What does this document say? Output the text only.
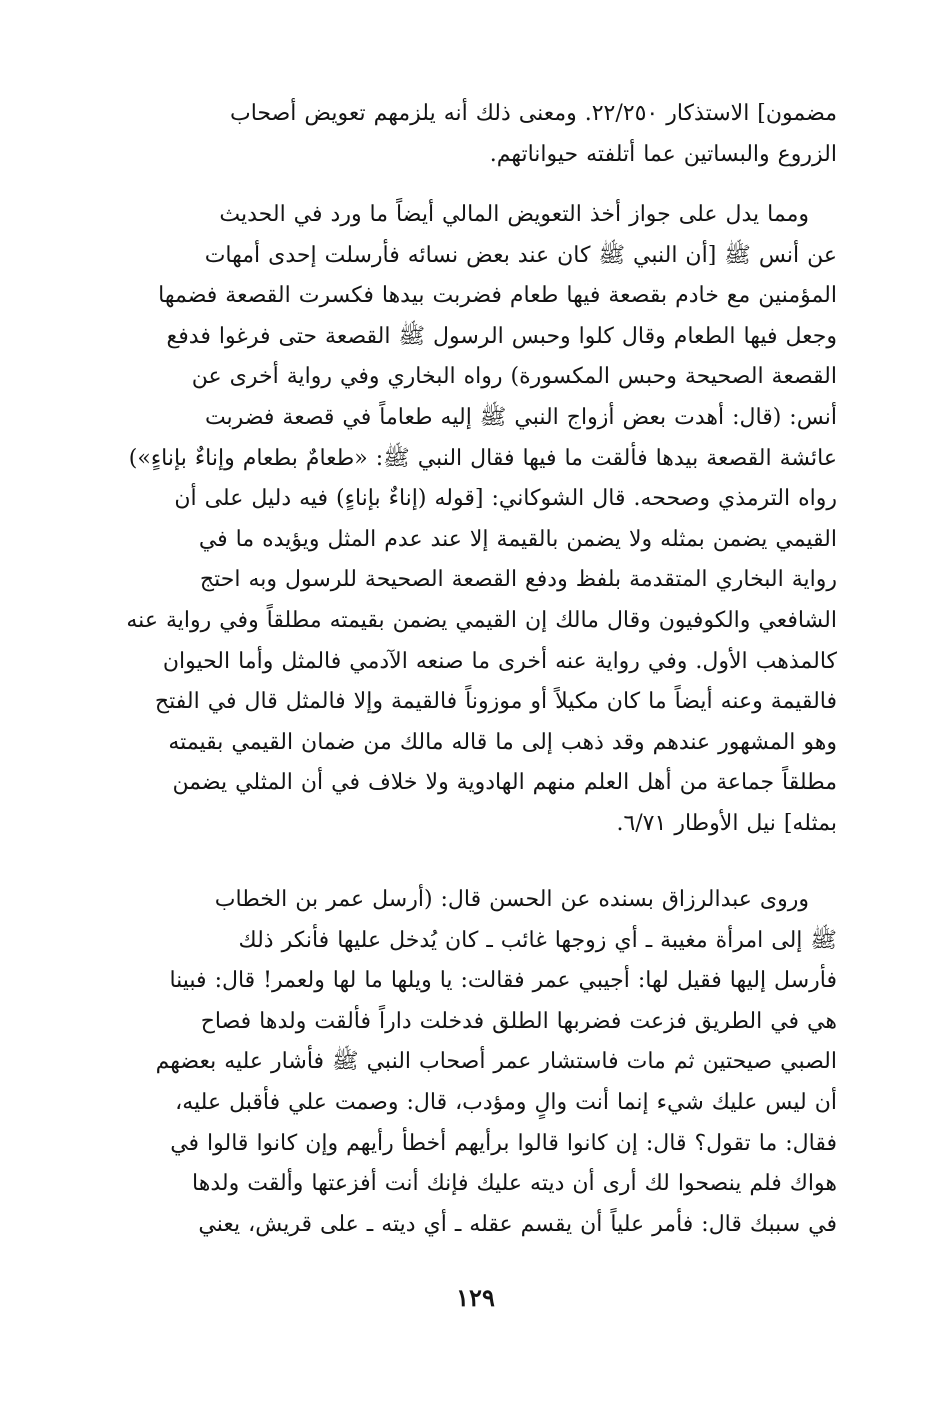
مضمون] الاستذكار ٢٢/٢٥٠. ومعنى ذلك أنه يلزمهم تعويض أصحاب
الزروع والبساتين عما أتلفته حيواناتهم.
ومما يدل على جواز أخذ التعويض المالي أيضاً ما ورد في الحديث
عن أنس ﷺ [أن النبي ﷺ كان عند بعض نسائه فأرسلت إحدى أمهات
المؤمنين مع خادم بقصعة فيها طعام فضربت بيدها فكسرت القصعة فضمها
وجعل فيها الطعام وقال كلوا وحبس الرسول ﷺ القصعة حتى فرغوا فدفع
القصعة الصحيحة وحبس المكسورة) رواه البخاري وفي رواية أخرى عن
أنس: (قال: أهدت بعض أزواج النبي ﷺ إليه طعاماً في قصعة فضربت
عائشة القصعة بيدها فألقت ما فيها فقال النبي ﷺ: «طعامٌ بطعام وإناءٌ بإناءٍ»)
رواه الترمذي وصححه. قال الشوكاني: [قوله (إناءٌ بإناءٍ) فيه دليل على أن
القيمي يضمن بمثله ولا يضمن بالقيمة إلا عند عدم المثل ويؤيده ما في
رواية البخاري المتقدمة بلفظ ودفع القصعة الصحيحة للرسول وبه احتج
الشافعي والكوفيون وقال مالك إن القيمي يضمن بقيمته مطلقاً وفي رواية عنه
كالمذهب الأول. وفي رواية عنه أخرى ما صنعه الآدمي فالمثل وأما الحيوان
فالقيمة وعنه أيضاً ما كان مكيلاً أو موزوناً فالقيمة وإلا فالمثل قال في الفتح
وهو المشهور عندهم وقد ذهب إلى ما قاله مالك من ضمان القيمي بقيمته
مطلقاً جماعة من أهل العلم منهم الهادوية ولا خلاف في أن المثلي يضمن
بمثله] نيل الأوطار ٦/٧١.
وروى عبدالرزاق بسنده عن الحسن قال: (أرسل عمر بن الخطاب
ﷺ إلى امرأة مغيبة ـ أي زوجها غائب ـ كان يُدخل عليها فأنكر ذلك
فأرسل إليها فقيل لها: أجيبي عمر فقالت: يا ويلها ما لها ولعمر! قال: فبينا
هي في الطريق فزعت فضربها الطلق فدخلت داراً فألقت ولدها فصاح
الصبي صيحتين ثم مات فاستشار عمر أصحاب النبي ﷺ فأشار عليه بعضهم
أن ليس عليك شيء إنما أنت والٍ ومؤدب، قال: وصمت علي فأقبل عليه،
فقال: ما تقول؟ قال: إن كانوا قالوا برأيهم أخطأ رأيهم وإن كانوا قالوا في
هواك فلم ينصحوا لك أرى أن ديته عليك فإنك أنت أفزعتها وألقت ولدها
في سببك قال: فأمر علياً أن يقسم عقله ـ أي ديته ـ على قريش، يعني
١٢٩
